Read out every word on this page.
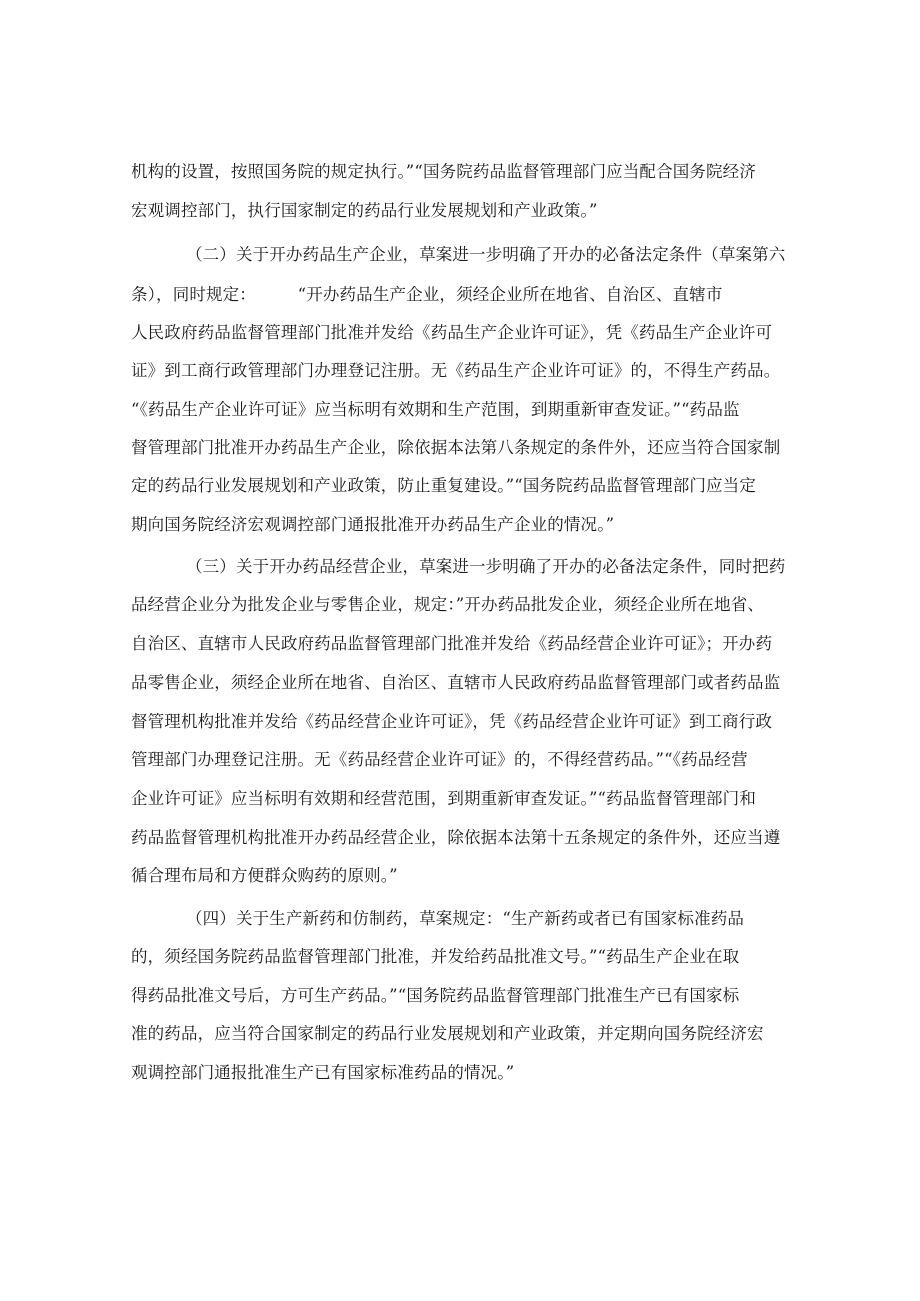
机构的设置，按照国务院的规定执行。”“国务院药品监督管理部门应当配合国务院经济
宏观调控部门，执行国家制定的药品行业发展规划和产业政策。”
（二）关于开办药品生产企业，草案进一步明确了开办的必备法定条件（草案第六
条），同时规定：　　　“开办药品生产企业，须经企业所在地省、自治区、直辖市
人民政府药品监督管理部门批准并发给《药品生产企业许可证》，凭《药品生产企业许可
证》到工商行政管理部门办理登记注册。无《药品生产企业许可证》的，不得生产药品。
“《药品生产企业许可证》应当标明有效期和生产范围，到期重新审查发证。”“药品监
督管理部门批准开办药品生产企业，除依据本法第八条规定的条件外，还应当符合国家制
定的药品行业发展规划和产业政策，防止重复建设。”“国务院药品监督管理部门应当定
期向国务院经济宏观调控部门通报批准开办药品生产企业的情况。”
（三）关于开办药品经营企业，草案进一步明确了开办的必备法定条件，同时把药
品经营企业分为批发企业与零售企业，规定：”开办药品批发企业，须经企业所在地省、
自治区、直辖市人民政府药品监督管理部门批准并发给《药品经营企业许可证》；开办药
品零售企业，须经企业所在地省、自治区、直辖市人民政府药品监督管理部门或者药品监
督管理机构批准并发给《药品经营企业许可证》，凭《药品经营企业许可证》到工商行政
管理部门办理登记注册。无《药品经营企业许可证》的，不得经营药品。”“《药品经营
企业许可证》应当标明有效期和经营范围，到期重新审查发证。”“药品监督管理部门和
药品监督管理机构批准开办药品经营企业，除依据本法第十五条规定的条件外，还应当遵
循合理布局和方便群众购药的原则。”
（四）关于生产新药和仿制药，草案规定：“生产新药或者已有国家标准药品
的，须经国务院药品监督管理部门批准，并发给药品批准文号。”“药品生产企业在取
得药品批准文号后，方可生产药品。”“国务院药品监督管理部门批准生产已有国家标
准的药品，应当符合国家制定的药品行业发展规划和产业政策，并定期向国务院经济宏
观调控部门通报批准生产已有国家标准药品的情况。”
